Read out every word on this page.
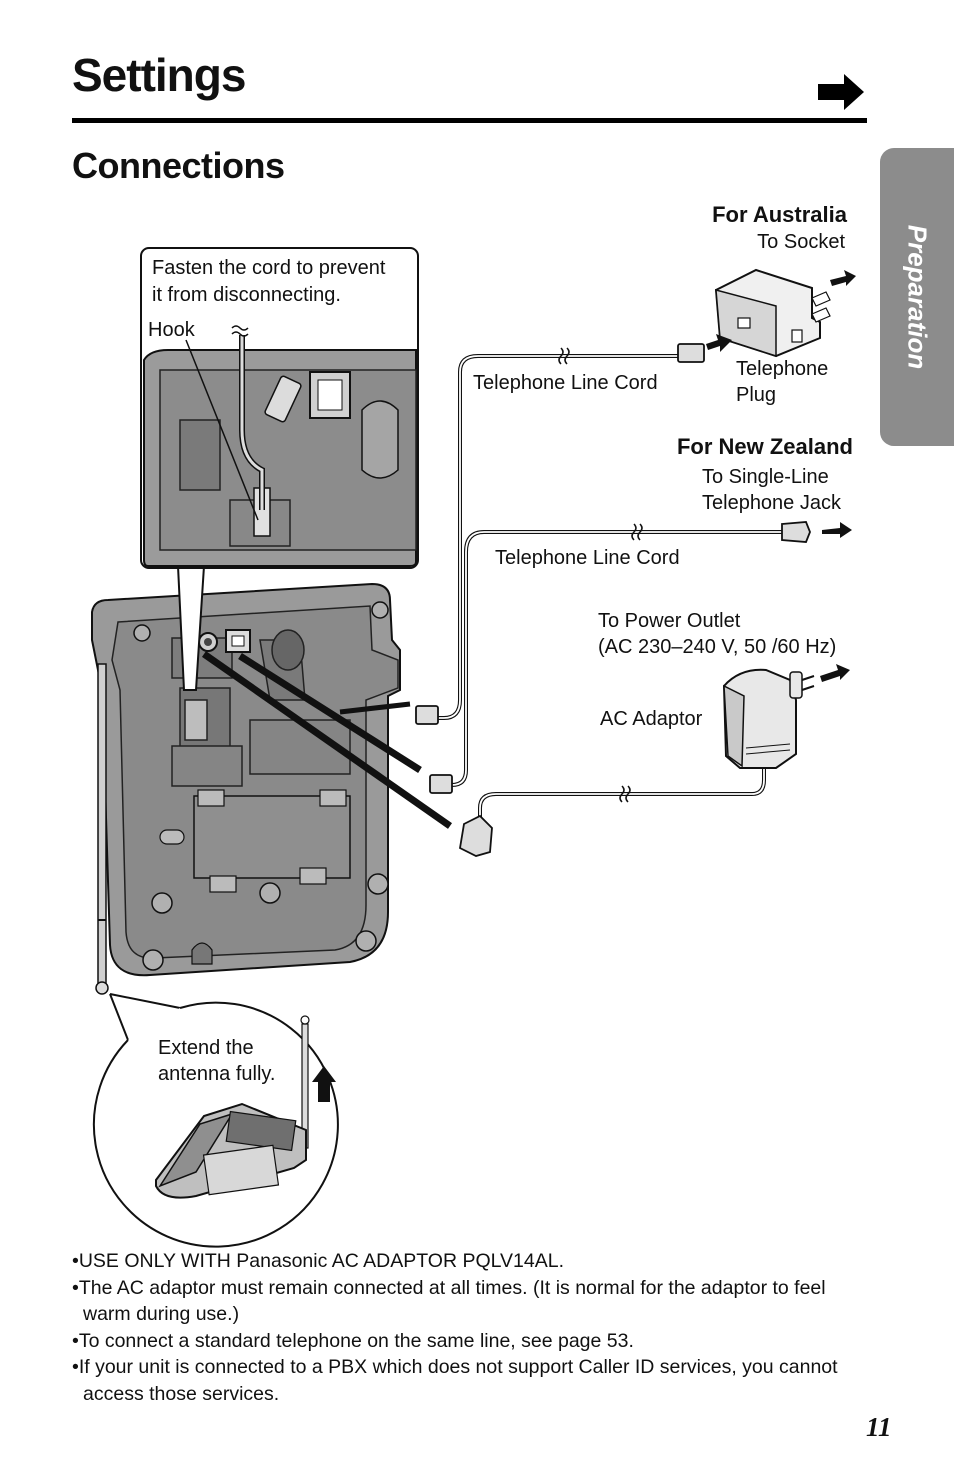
Settings
Connections
Preparation
Fasten the cord to prevent
it from disconnecting.
Hook
For Australia
To Socket
Telephone
Plug
Telephone Line Cord
For New Zealand
To Single-Line
Telephone Jack
Telephone Line Cord
To Power Outlet
(AC 230–240 V, 50 /60 Hz)
AC Adaptor
Extend the
antenna fully.
• USE ONLY WITH Panasonic AC ADAPTOR PQLV14AL.
• The AC adaptor must remain connected at all times. (It is normal for the adaptor to feel warm during use.)
• To connect a standard telephone on the same line, see page 53.
• If your unit is connected to a PBX which does not support Caller ID services, you cannot access those services.
11
